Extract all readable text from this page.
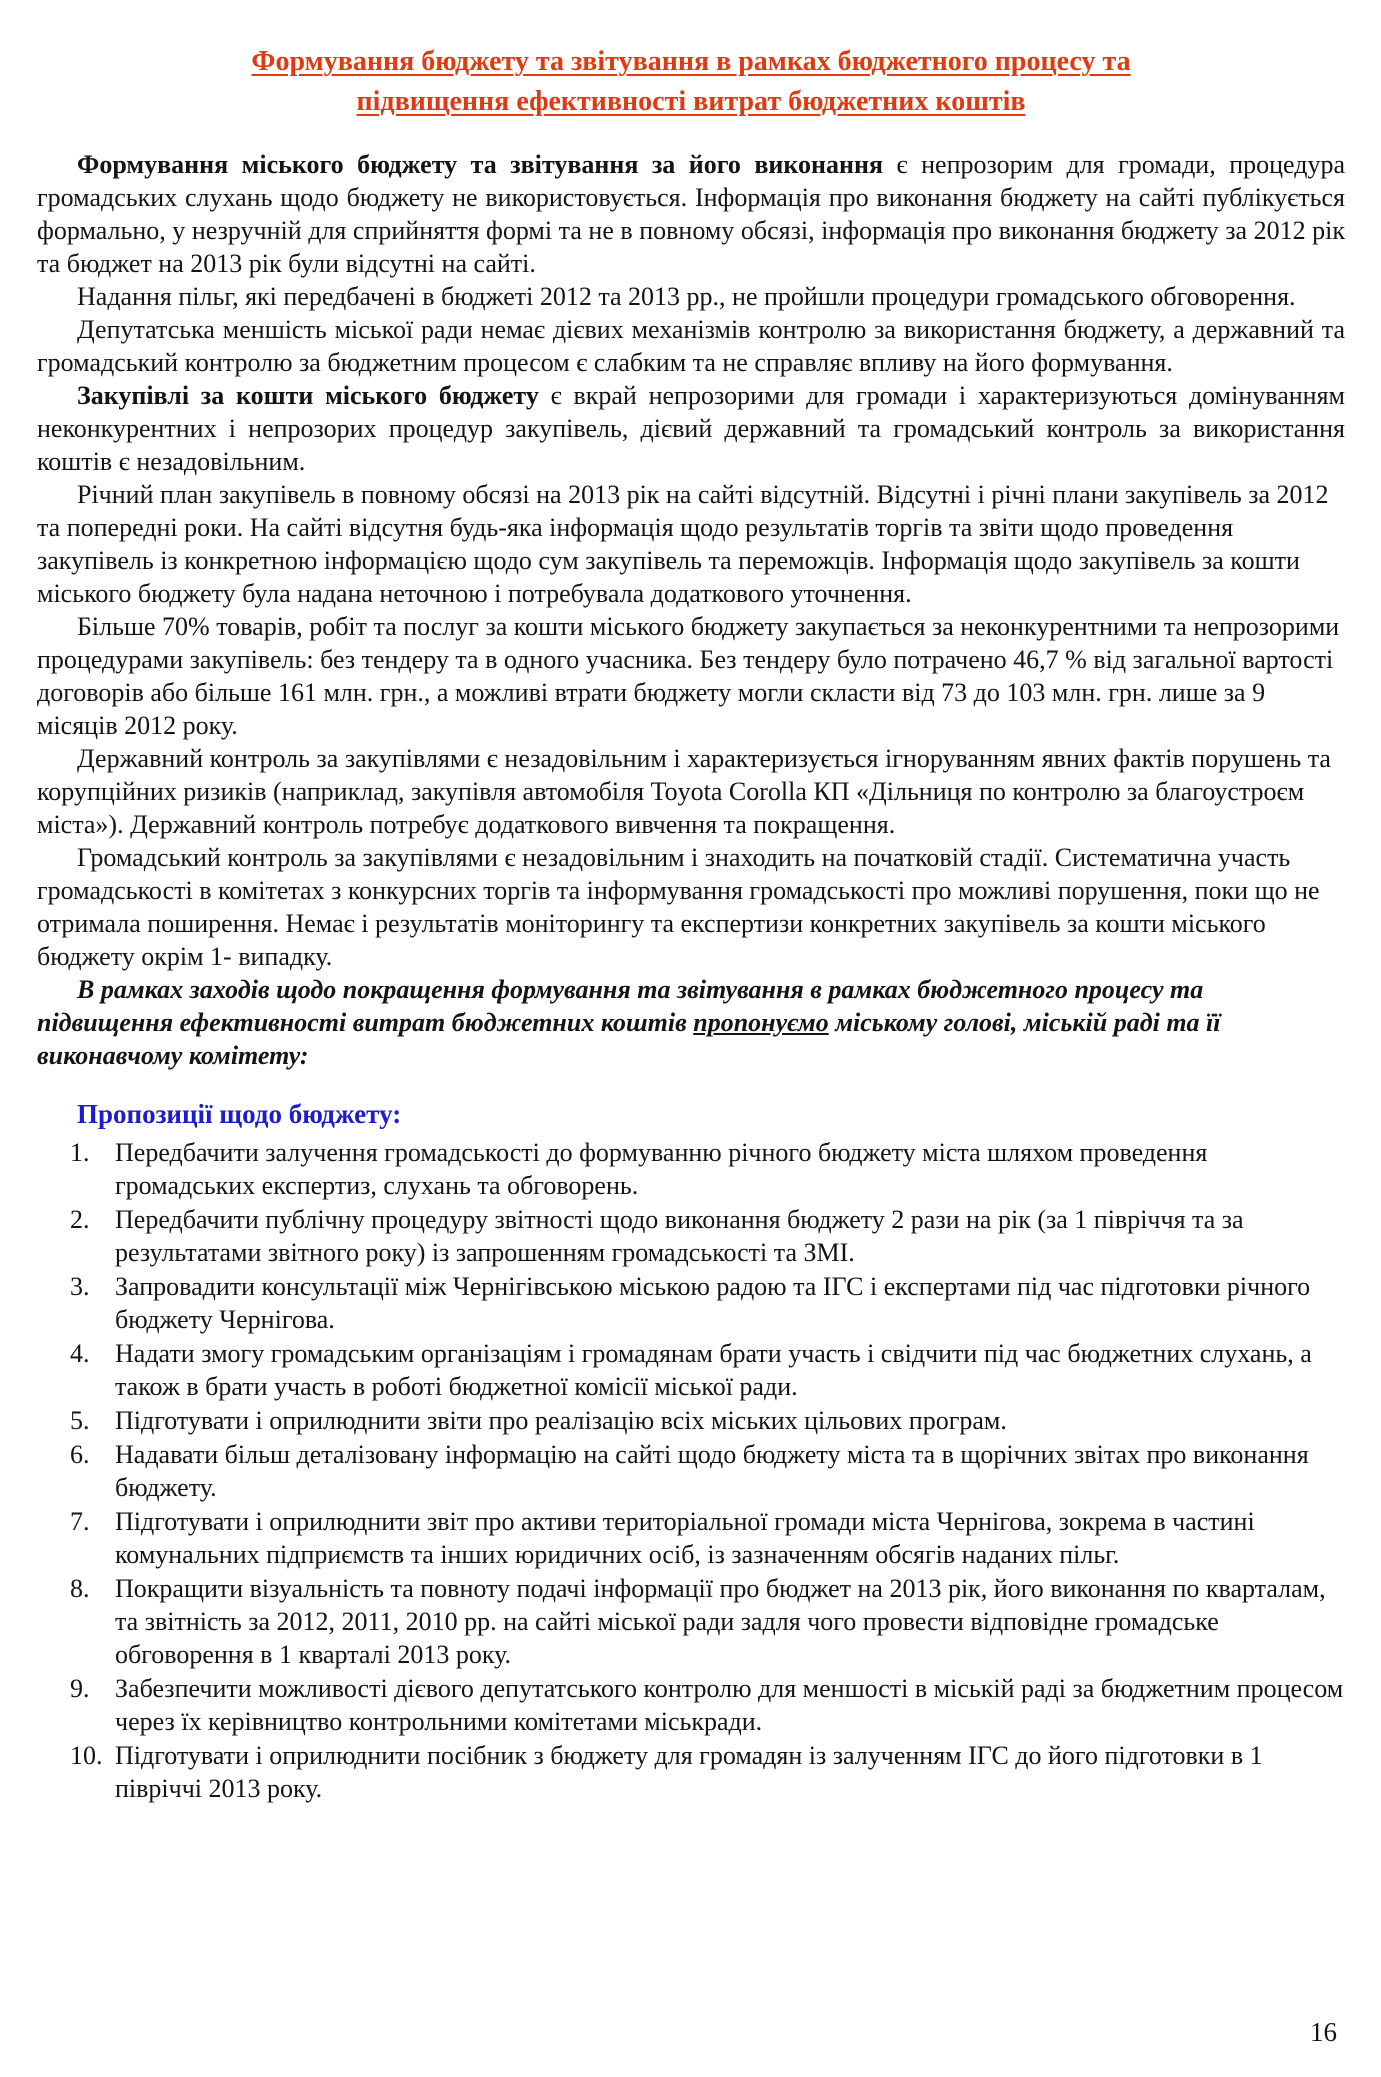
Формування бюджету та звітування в рамках бюджетного процесу та
підвищення ефективності витрат бюджетних коштів

Формування міського бюджету та звітування за його виконання є непрозорим для громади, процедура громадських слухань щодо бюджету не використовується. Інформація про виконання бюджету на сайті публікується формально, у незручній для сприйняття формі та не в повному обсязі, інформація про виконання бюджету за 2012 рік та бюджет на 2013 рік були відсутні на сайті.

Надання пільг, які передбачені в бюджеті 2012 та 2013 рр., не пройшли процедури громадського обговорення.

Депутатська меншість міської ради немає дієвих механізмів контролю за використання бюджету, а державний та громадський контролю за бюджетним процесом є слабким та не справляє впливу на його формування.

Закупівлі за кошти міського бюджету є вкрай непрозорими для громади і характеризуються домінуванням неконкурентних і непрозорих процедур закупівель, дієвий державний та громадський контроль за використання коштів є незадовільним.

Річний план закупівель в повному обсязі на 2013 рік на сайті відсутній. Відсутні і річні плани закупівель за 2012 та попередні роки. На сайті відсутня будь-яка інформація щодо результатів торгів та звіти щодо проведення закупівель із конкретною інформацією щодо сум закупівель та переможців. Інформація щодо закупівель за кошти міського бюджету була надана неточною і потребувала додаткового уточнення.

Більше 70% товарів, робіт та послуг за кошти міського бюджету закупається за неконкурентними та непрозорими процедурами закупівель: без тендеру та в одного учасника. Без тендеру було потрачено 46,7 % від загальної вартості договорів або більше 161 млн. грн., а можливі втрати бюджету могли скласти від 73 до 103 млн. грн. лише за 9 місяців 2012 року.

Державний контроль за закупівлями є незадовільним і характеризується ігноруванням явних фактів порушень та корупційних ризиків (наприклад, закупівля автомобіля Toyota Corolla КП «Дільниця по контролю за благоустроєм міста»). Державний контроль потребує додаткового вивчення та покращення.

Громадський контроль за закупівлями є незадовільним і знаходить на початковій стадії. Систематична участь громадськості в комітетах з конкурсних торгів та інформування громадськості про можливі порушення, поки що не отримала поширення. Немає і результатів моніторингу та експертизи конкретних закупівель за кошти міського бюджету окрім 1- випадку.

В рамках заходів щодо покращення формування та звітування в рамках бюджетного процесу та підвищення ефективності витрат бюджетних коштів пропонуємо міському голові, міській раді та її виконавчому комітету:

Пропозиції щодо бюджету:
1. Передбачити залучення громадськості до формуванню річного бюджету міста шляхом проведення громадських експертиз, слухань та обговорень.
2. Передбачити публічну процедуру звітності щодо виконання бюджету 2 рази на рік (за 1 півріччя та за результатами звітного року) із запрошенням громадськості та ЗМІ.
3. Запровадити консультації між Чернігівською міською радою та ІГС і експертами під час підготовки річного бюджету Чернігова.
4. Надати змогу громадським організаціям і громадянам брати участь і свідчити під час бюджетних слухань, а також в брати участь в роботі бюджетної комісії міської ради.
5. Підготувати і оприлюднити звіти про реалізацію всіх міських цільових програм.
6. Надавати більш деталізовану інформацію на сайті щодо бюджету міста та в щорічних звітах про виконання бюджету.
7. Підготувати і оприлюднити звіт про активи територіальної громади міста Чернігова, зокрема в частині комунальних підприємств та інших юридичних осіб, із зазначенням обсягів наданих пільг.
8. Покращити візуальність та повноту подачі інформації про бюджет на 2013 рік, його виконання по кварталам, та звітність за 2012, 2011, 2010 рр. на сайті міської ради задля чого провести відповідне громадське обговорення в 1 кварталі 2013 року.
9. Забезпечити можливості дієвого депутатського контролю для меншості в міській раді за бюджетним процесом через їх керівництво контрольними комітетами міськради.
10. Підготувати і оприлюднити посібник з бюджету для громадян із залученням ІГС до його підготовки в 1 півріччі 2013 року.
16
